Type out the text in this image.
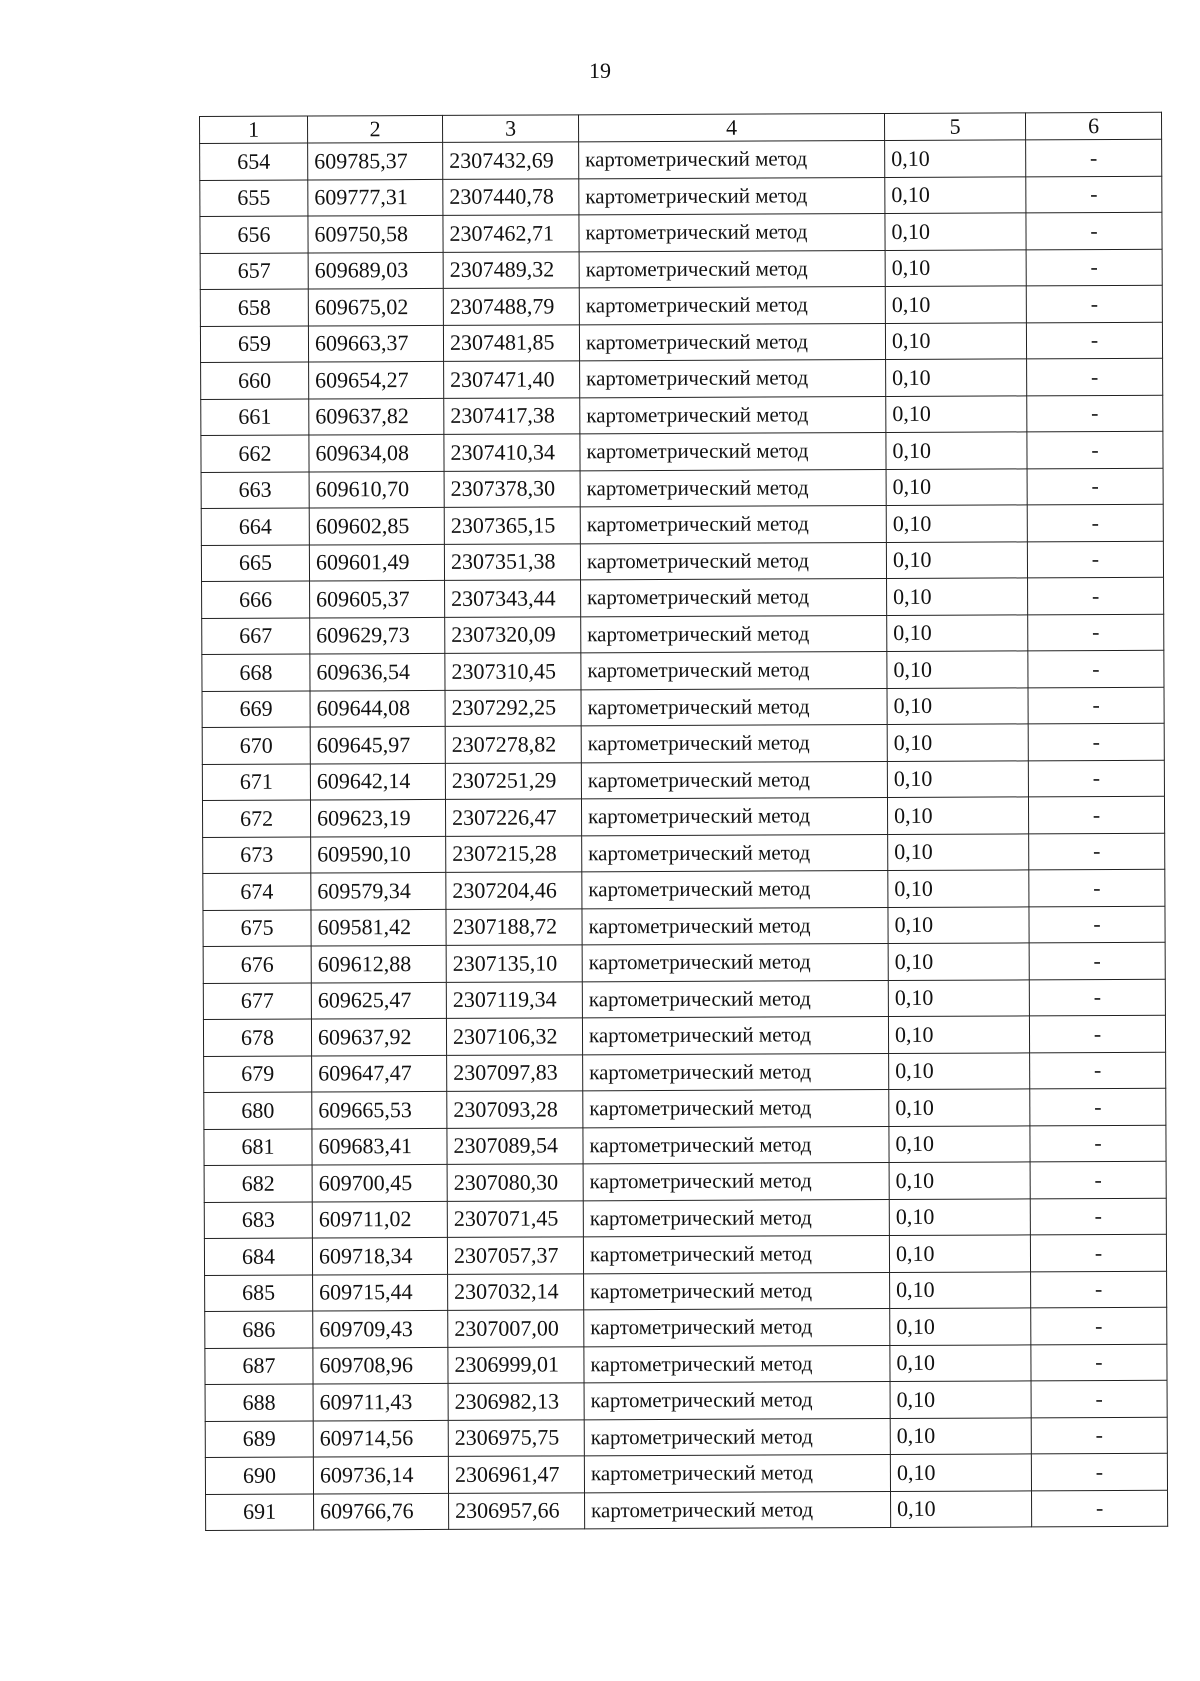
19
1	2	3	4	5	6
654	609785,37	2307432,69	картометрический метод	0,10	-
655	609777,31	2307440,78	картометрический метод	0,10	-
656	609750,58	2307462,71	картометрический метод	0,10	-
657	609689,03	2307489,32	картометрический метод	0,10	-
658	609675,02	2307488,79	картометрический метод	0,10	-
659	609663,37	2307481,85	картометрический метод	0,10	-
660	609654,27	2307471,40	картометрический метод	0,10	-
661	609637,82	2307417,38	картометрический метод	0,10	-
662	609634,08	2307410,34	картометрический метод	0,10	-
663	609610,70	2307378,30	картометрический метод	0,10	-
664	609602,85	2307365,15	картометрический метод	0,10	-
665	609601,49	2307351,38	картометрический метод	0,10	-
666	609605,37	2307343,44	картометрический метод	0,10	-
667	609629,73	2307320,09	картометрический метод	0,10	-
668	609636,54	2307310,45	картометрический метод	0,10	-
669	609644,08	2307292,25	картометрический метод	0,10	-
670	609645,97	2307278,82	картометрический метод	0,10	-
671	609642,14	2307251,29	картометрический метод	0,10	-
672	609623,19	2307226,47	картометрический метод	0,10	-
673	609590,10	2307215,28	картометрический метод	0,10	-
674	609579,34	2307204,46	картометрический метод	0,10	-
675	609581,42	2307188,72	картометрический метод	0,10	-
676	609612,88	2307135,10	картометрический метод	0,10	-
677	609625,47	2307119,34	картометрический метод	0,10	-
678	609637,92	2307106,32	картометрический метод	0,10	-
679	609647,47	2307097,83	картометрический метод	0,10	-
680	609665,53	2307093,28	картометрический метод	0,10	-
681	609683,41	2307089,54	картометрический метод	0,10	-
682	609700,45	2307080,30	картометрический метод	0,10	-
683	609711,02	2307071,45	картометрический метод	0,10	-
684	609718,34	2307057,37	картометрический метод	0,10	-
685	609715,44	2307032,14	картометрический метод	0,10	-
686	609709,43	2307007,00	картометрический метод	0,10	-
687	609708,96	2306999,01	картометрический метод	0,10	-
688	609711,43	2306982,13	картометрический метод	0,10	-
689	609714,56	2306975,75	картометрический метод	0,10	-
690	609736,14	2306961,47	картометрический метод	0,10	-
691	609766,76	2306957,66	картометрический метод	0,10	-
